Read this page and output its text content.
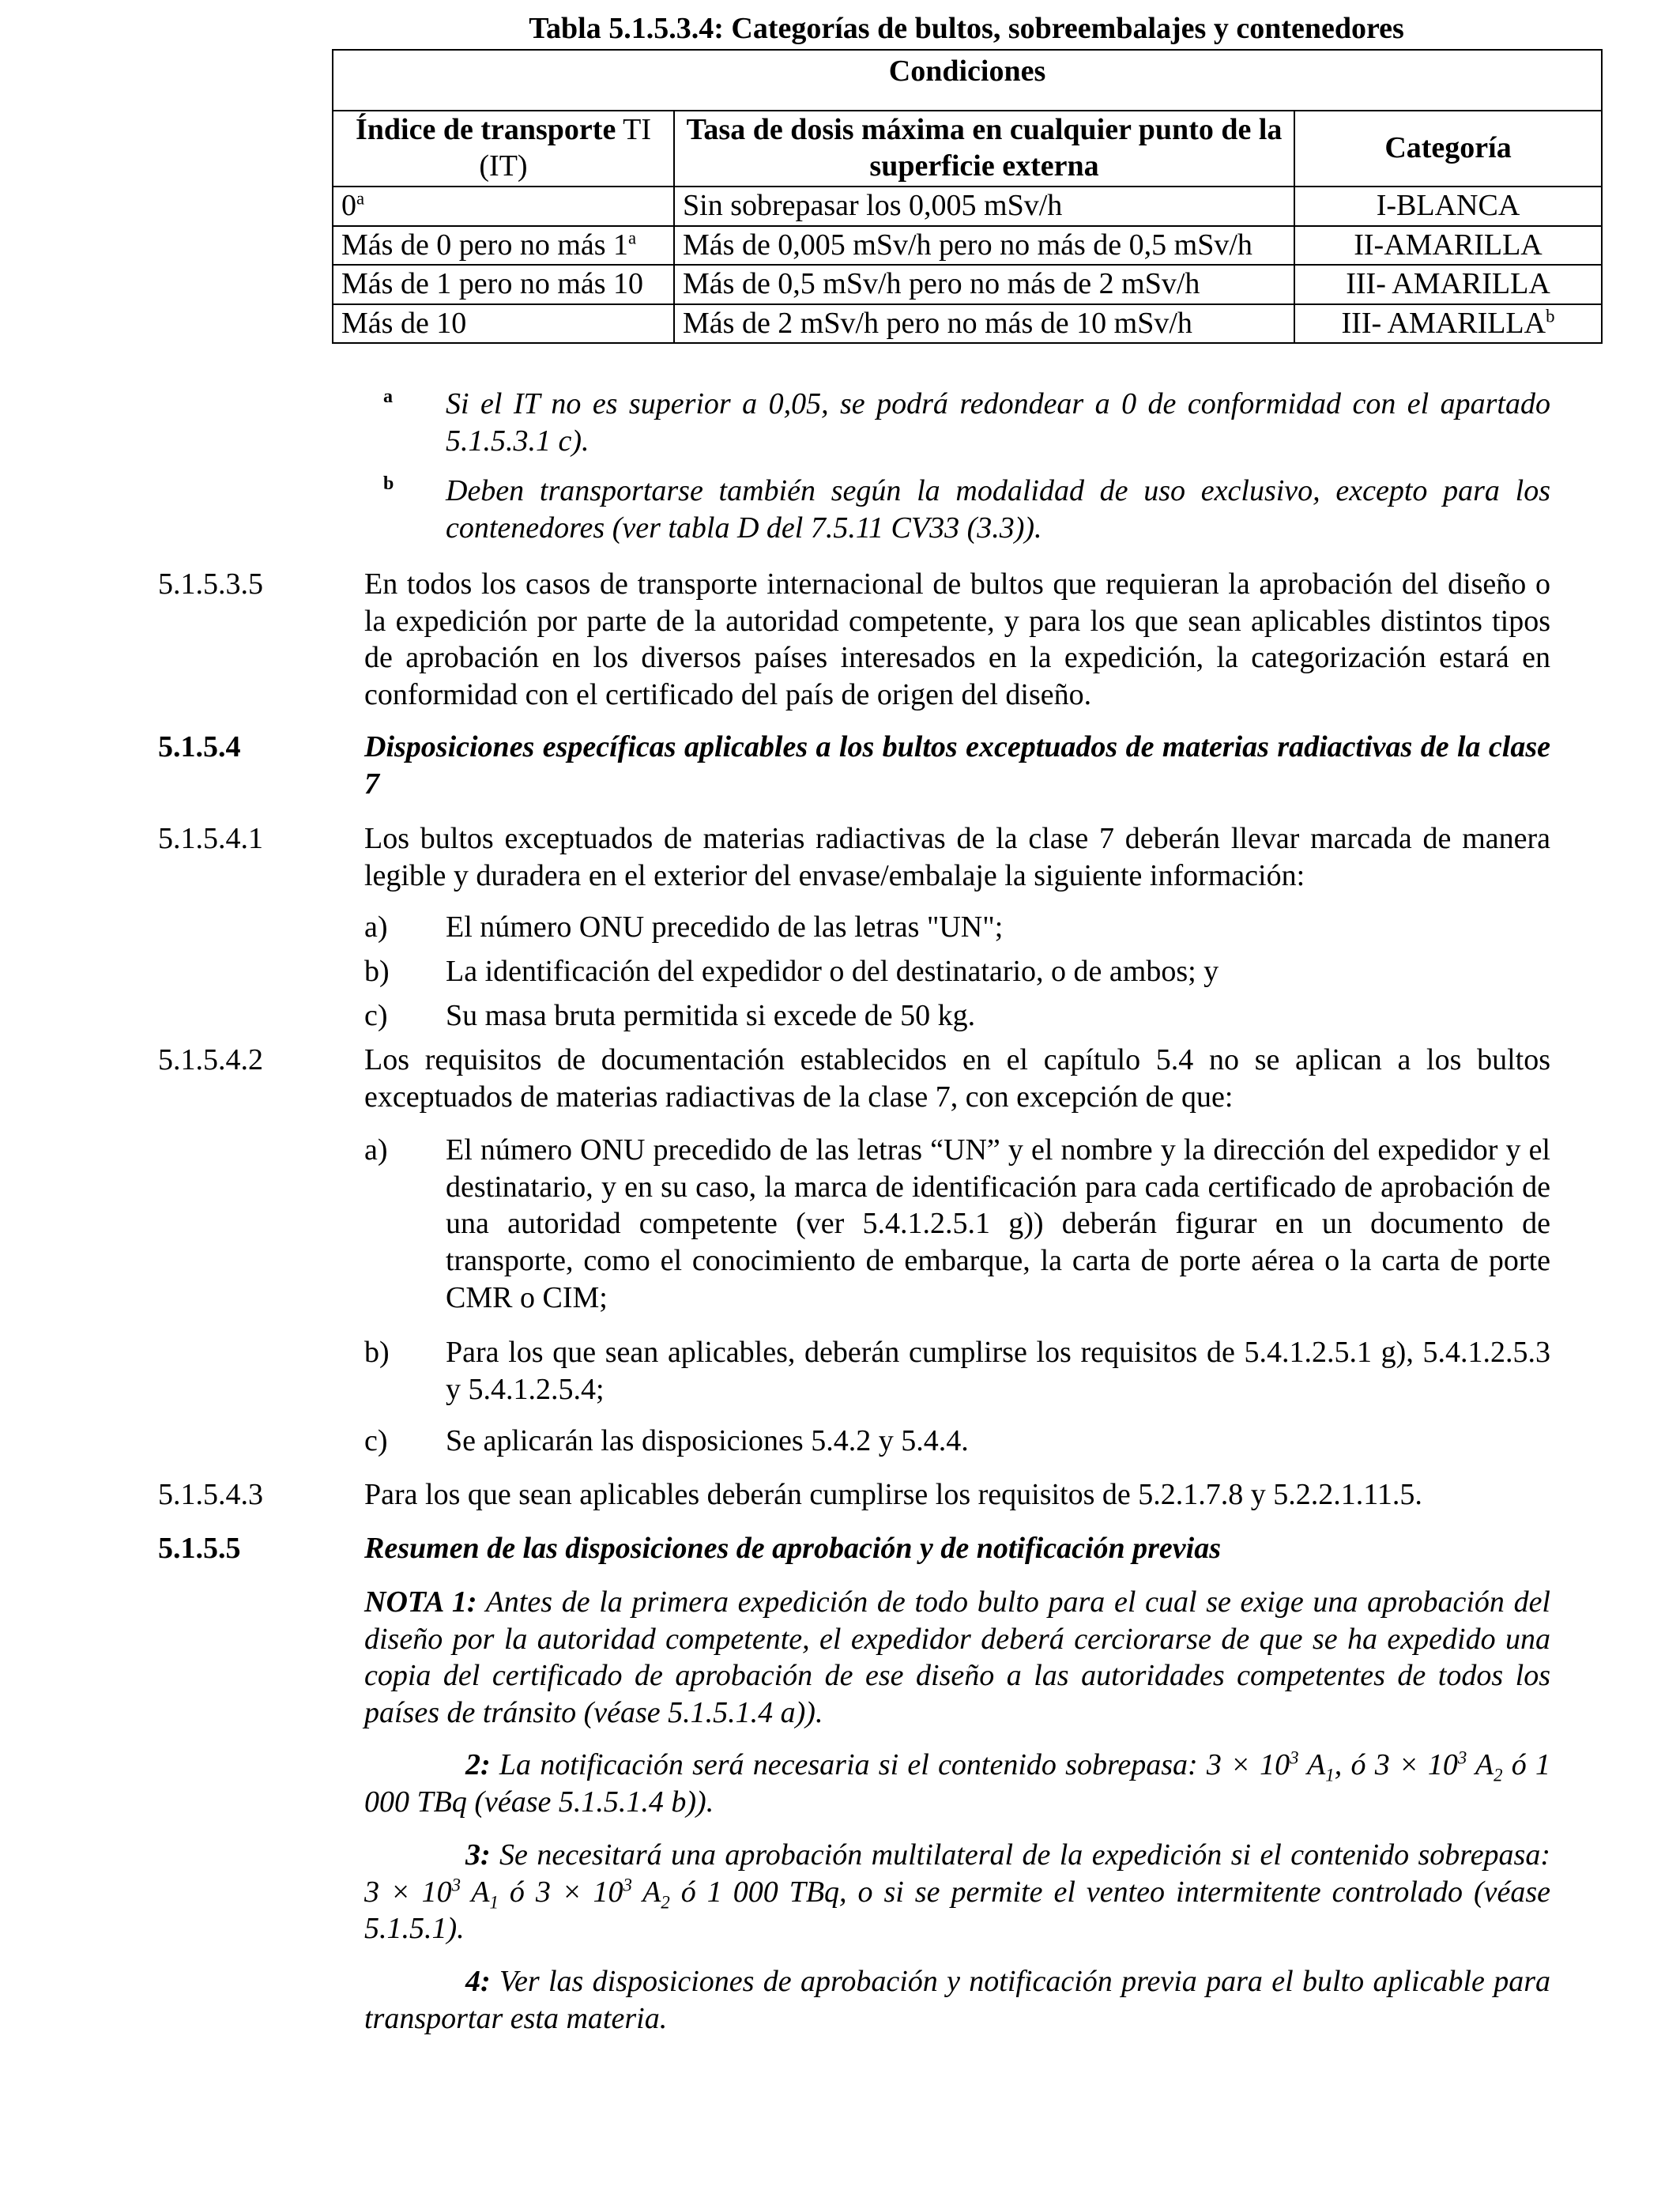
Tabla 5.1.5.3.4: Categorías de bultos, sobreembalajes y contenedores
Condiciones		
Índice de transporte TI (IT)	Tasa de dosis máxima en cualquier punto de la superficie externa	Categoría
0$^a$	Sin sobrepasar los 0,005 mSv/h	I-BLANCA
Más de 0 pero no más 1$^a$	Más de 0,005 mSv/h pero no más de 0,5 mSv/h	II-AMARILLA
Más de 1 pero no más 10	Más de 0,5 mSv/h pero no más de 2 mSv/h	III- AMARILLA
Más de 10	Más de 2 mSv/h pero no más de 10 mSv/h	III- AMARILLA$^b$
a Si el IT no es superior a 0,05, se podrá redondear a 0 de conformidad con el apartado 5.1.5.3.1 c).
b Deben transportarse también según la modalidad de uso exclusivo, excepto para los contenedores (ver tabla D del 7.5.11 CV33 (3.3)).
5.1.5.3.5	En todos los casos de transporte internacional de bultos que requieran la aprobación del diseño o la expedición por parte de la autoridad competente, y para los que sean aplicables distintos tipos de aprobación en los diversos países interesados en la expedición, la categorización estará en conformidad con el certificado del país de origen del diseño.
5.1.5.4	Disposiciones específicas aplicables a los bultos exceptuados de materias radiactivas de la clase 7
5.1.5.4.1	Los bultos exceptuados de materias radiactivas de la clase 7 deberán llevar marcada de manera legible y duradera en el exterior del envase/embalaje la siguiente información:
a) El número ONU precedido de las letras "UN";
b) La identificación del expedidor o del destinatario, o de ambos; y
c) Su masa bruta permitida si excede de 50 kg.
5.1.5.4.2	Los requisitos de documentación establecidos en el capítulo 5.4 no se aplican a los bultos exceptuados de materias radiactivas de la clase 7, con excepción de que:
a) El número ONU precedido de las letras “UN” y el nombre y la dirección del expedidor y el destinatario, y en su caso, la marca de identificación para cada certificado de aprobación de una autoridad competente (ver 5.4.1.2.5.1 g)) deberán figurar en un documento de transporte, como el conocimiento de embarque, la carta de porte aérea o la carta de porte CMR o CIM;
b) Para los que sean aplicables, deberán cumplirse los requisitos de 5.4.1.2.5.1 g), 5.4.1.2.5.3 y 5.4.1.2.5.4;
c) Se aplicarán las disposiciones 5.4.2 y 5.4.4.
5.1.5.4.3	Para los que sean aplicables deberán cumplirse los requisitos de 5.2.1.7.8 y 5.2.2.1.11.5.
5.1.5.5	Resumen de las disposiciones de aprobación y de notificación previas
NOTA 1: Antes de la primera expedición de todo bulto para el cual se exige una aprobación del diseño por la autoridad competente, el expedidor deberá cerciorarse de que se ha expedido una copia del certificado de aprobación de ese diseño a las autoridades competentes de todos los países de tránsito (véase 5.1.5.1.4 a)).
2: La notificación será necesaria si el contenido sobrepasa: $3 \times 10^3$ $A_1$, ó $3 \times 10^3$ $A_2$ ó 1 000 TBq (véase 5.1.5.1.4 b)).
3: Se necesitará una aprobación multilateral de la expedición si el contenido sobrepasa: $3 \times 10^3$ $A_1$ ó $3 \times 10^3$ $A_2$ ó 1 000 TBq, o si se permite el venteo intermitente controlado (véase 5.1.5.1).
4: Ver las disposiciones de aprobación y notificación previa para el bulto aplicable para transportar esta materia.
